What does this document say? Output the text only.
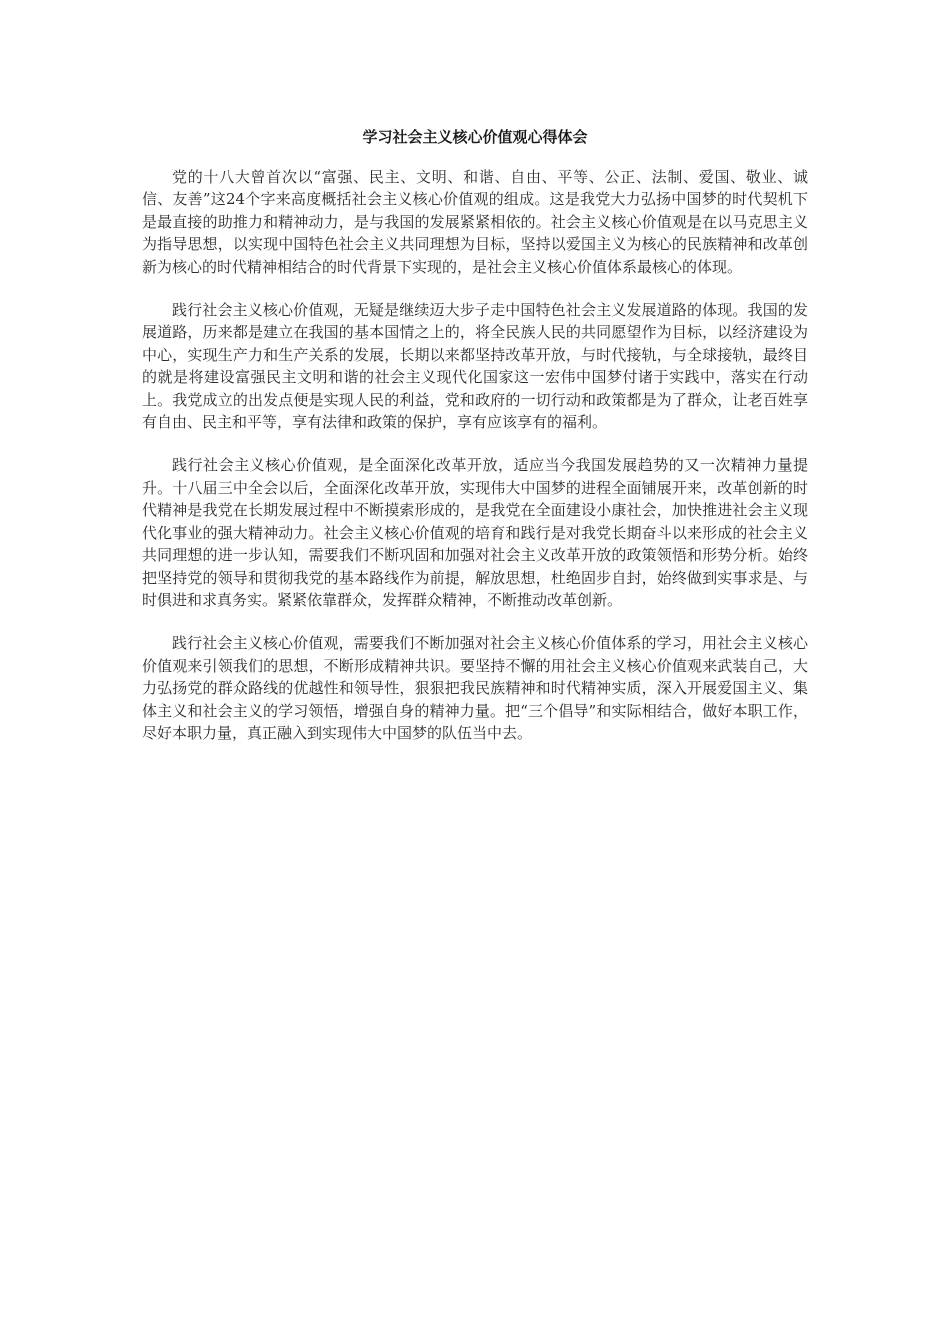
学习社会主义核心价值观心得体会

党的十八大曾首次以“富强、民主、文明、和谐、自由、平等、公正、法制、爱国、敬业、诚信、友善”这24个字来高度概括社会主义核心价值观的组成。这是我党大力弘扬中国梦的时代契机下是最直接的助推力和精神动力，是与我国的发展紧紧相依的。社会主义核心价值观是在以马克思主义为指导思想，以实现中国特色社会主义共同理想为目标，坚持以爱国主义为核心的民族精神和改革创新为核心的时代精神相结合的时代背景下实现的，是社会主义核心价值体系最核心的体现。

践行社会主义核心价值观，无疑是继续迈大步子走中国特色社会主义发展道路的体现。我国的发展道路，历来都是建立在我国的基本国情之上的，将全民族人民的共同愿望作为目标，以经济建设为中心，实现生产力和生产关系的发展，长期以来都坚持改革开放，与时代接轨，与全球接轨，最终目的就是将建设富强民主文明和谐的社会主义现代化国家这一宏伟中国梦付诸于实践中，落实在行动上。我党成立的出发点便是实现人民的利益，党和政府的一切行动和政策都是为了群众，让老百姓享有自由、民主和平等，享有法律和政策的保护，享有应该享有的福利。

践行社会主义核心价值观，是全面深化改革开放，适应当今我国发展趋势的又一次精神力量提升。十八届三中全会以后，全面深化改革开放，实现伟大中国梦的进程全面铺展开来，改革创新的时代精神是我党在长期发展过程中不断摸索形成的，是我党在全面建设小康社会，加快推进社会主义现代化事业的强大精神动力。社会主义核心价值观的培育和践行是对我党长期奋斗以来形成的社会主义共同理想的进一步认知，需要我们不断巩固和加强对社会主义改革开放的政策领悟和形势分析。始终把坚持党的领导和贯彻我党的基本路线作为前提，解放思想，杜绝固步自封，始终做到实事求是、与时俱进和求真务实。紧紧依靠群众，发挥群众精神，不断推动改革创新。

践行社会主义核心价值观，需要我们不断加强对社会主义核心价值体系的学习，用社会主义核心价值观来引领我们的思想，不断形成精神共识。要坚持不懈的用社会主义核心价值观来武装自己，大力弘扬党的群众路线的优越性和领导性，狠狠把我民族精神和时代精神实质，深入开展爱国主义、集体主义和社会主义的学习领悟，增强自身的精神力量。把“三个倡导”和实际相结合，做好本职工作，尽好本职力量，真正融入到实现伟大中国梦的队伍当中去。
